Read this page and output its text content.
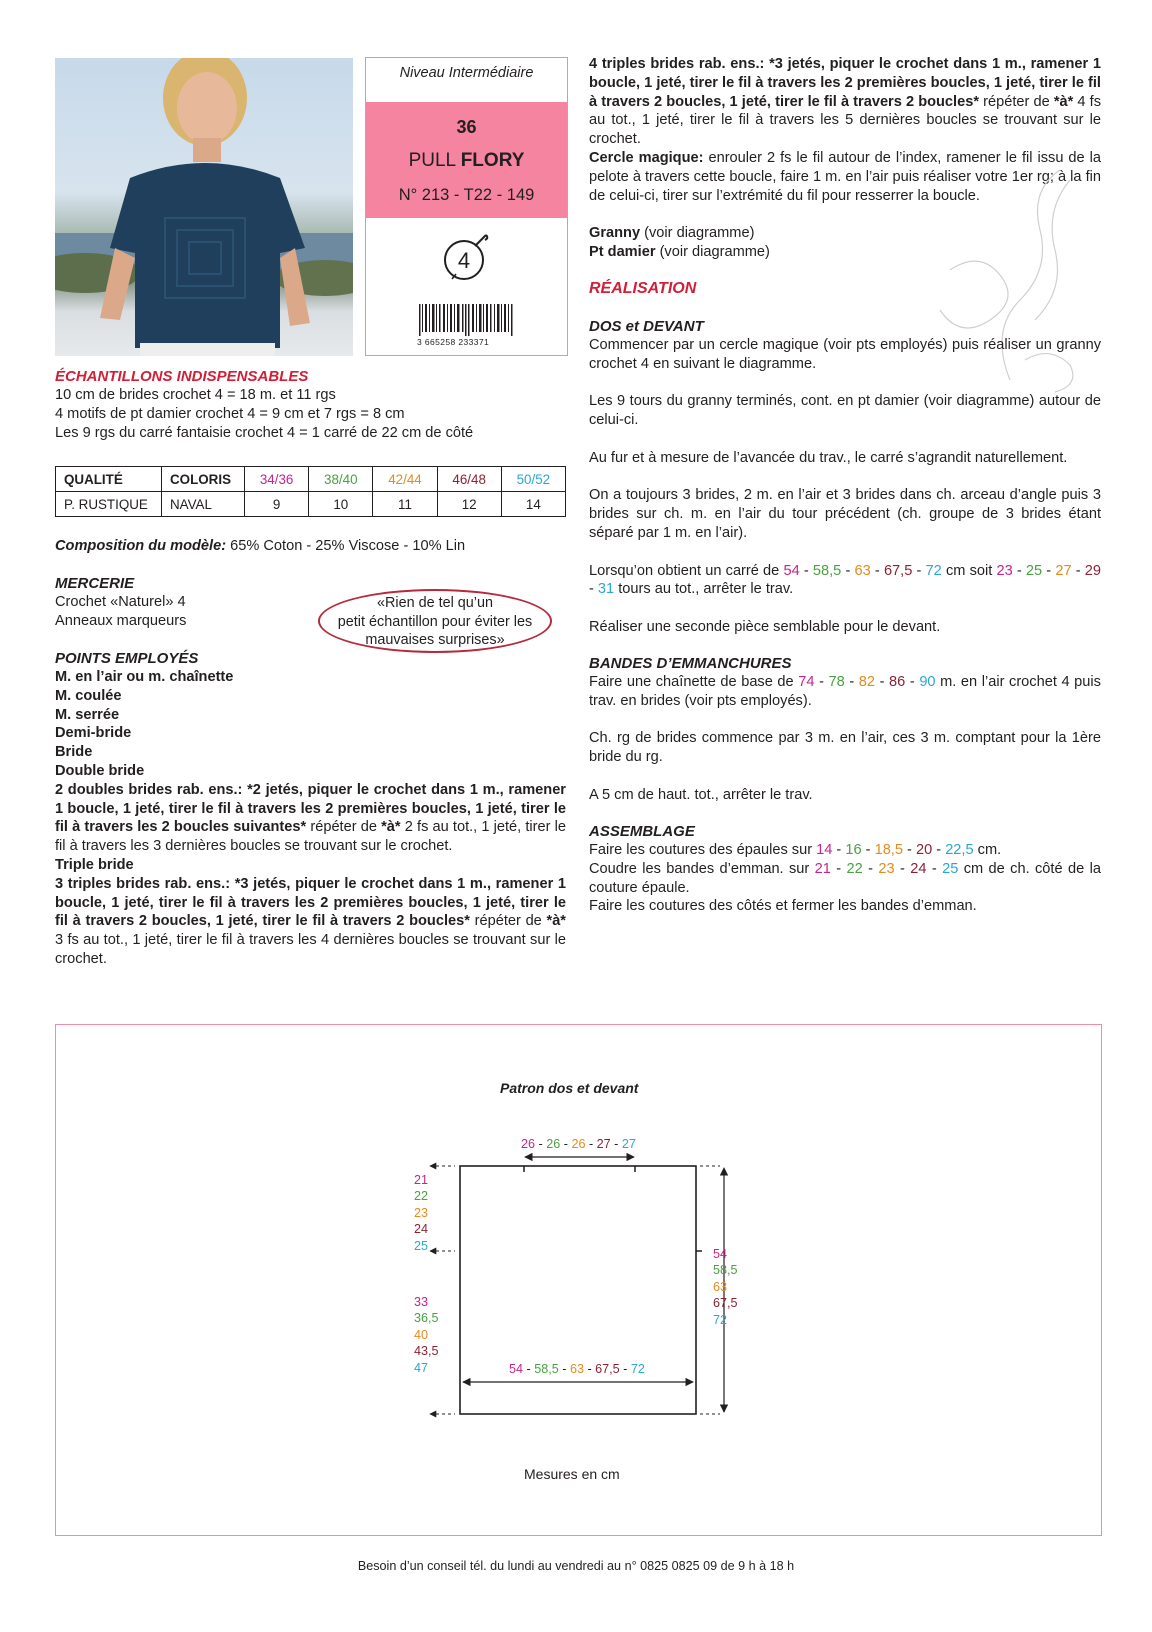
Niveau Intermédiaire
36
PULL FLORY
N° 213 - T22 - 149
4
3 665258 233371
ÉCHANTILLONS INDISPENSABLES
10 cm de brides crochet 4 = 18 m. et 11 rgs
4 motifs de pt damier crochet 4 = 9 cm et 7 rgs = 8 cm
Les 9 rgs du carré fantaisie crochet 4 = 1 carré de 22 cm de côté
QUALITÉ	COLORIS	34/36	38/40	42/44	46/48	50/52
P. RUSTIQUE	NAVAL	9	10	11	12	14
Composition du modèle: 65% Coton - 25% Viscose - 10% Lin
MERCERIE
Crochet «Naturel» 4
Anneaux marqueurs
«Rien de tel qu’un
petit échantillon pour éviter les
mauvaises surprises»
POINTS EMPLOYÉS
M. en l’air ou m. chaînette
M. coulée
M. serrée
Demi-bride
Bride
Double bride
2 doubles brides rab. ens.: *2 jetés, piquer le crochet dans 1 m., ramener 1 boucle, 1 jeté, tirer le fil à travers les 2 premières boucles, 1 jeté, tirer le fil à travers les 2 boucles suivantes* répéter de *à* 2 fs au tot., 1 jeté, tirer le fil à travers les 3 dernières boucles se trouvant sur le crochet.
Triple bride
3 triples brides rab. ens.: *3 jetés, piquer le crochet dans 1 m., ramener 1 boucle, 1 jeté, tirer le fil à travers les 2 premières boucles, 1 jeté, tirer le fil à travers 2 boucles, 1 jeté, tirer le fil à travers 2 boucles* répéter de *à* 3 fs au tot., 1 jeté, tirer le fil à travers les 4 dernières boucles se trouvant sur le crochet.
4 triples brides rab. ens.: *3 jetés, piquer le crochet dans 1 m., ramener 1 boucle, 1 jeté, tirer le fil à travers les 2 premières boucles, 1 jeté, tirer le fil à travers 2 boucles, 1 jeté, tirer le fil à travers 2 boucles* répéter de *à* 4 fs au tot., 1 jeté, tirer le fil à travers les 5 dernières boucles se trouvant sur le crochet.
Cercle magique: enrouler 2 fs le fil autour de l’index, ramener le fil issu de la pelote à travers cette boucle, faire 1 m. en l’air puis réaliser votre 1er rg; à la fin de celui-ci, tirer sur l’extrémité du fil pour resserrer la boucle.
Granny (voir diagramme)
Pt damier (voir diagramme)
RÉALISATION
DOS et DEVANT
Commencer par un cercle magique (voir pts employés) puis réaliser un granny crochet 4 en suivant le diagramme.
Les 9 tours du granny terminés, cont. en pt damier (voir diagramme) autour de celui-ci.
Au fur et à mesure de l’avancée du trav., le carré s’agrandit naturellement.
On a toujours 3 brides, 2 m. en l’air et 3 brides dans ch. arceau d’angle puis 3 brides sur ch. m. en l’air du tour précédent (ch. groupe de 3 brides étant séparé par 1 m. en l’air).
Lorsqu’on obtient un carré de 54 - 58,5 - 63 - 67,5 - 72 cm soit 23 - 25 - 27 - 29 - 31 tours au tot., arrêter le trav.
Réaliser une seconde pièce semblable pour le devant.
BANDES D’EMMANCHURES
Faire une chaînette de base de 74 - 78 - 82 - 86 - 90 m. en l’air crochet 4 puis trav. en brides (voir pts employés).
Ch. rg de brides commence par 3 m. en l’air, ces 3 m. comptant pour la 1ère bride du rg.
A 5 cm de haut. tot., arrêter le trav.
ASSEMBLAGE
Faire les coutures des épaules sur 14 - 16 - 18,5 - 20 - 22,5 cm.
Coudre les bandes d’emman. sur 21 - 22 - 23 - 24 - 25 cm de ch. côté de la couture épaule.
Faire les coutures des côtés et fermer les bandes d’emman.
Patron dos et devant
26 - 26 - 26 - 27 - 27
21
22
23
24
25
33
36,5
40
43,5
47
54
58,5
63
67,5
72
54 - 58,5 - 63 - 67,5 - 72
Mesures en cm
Besoin d’un conseil tél. du lundi au vendredi au n° 0825 0825 09 de 9 h à 18 h
